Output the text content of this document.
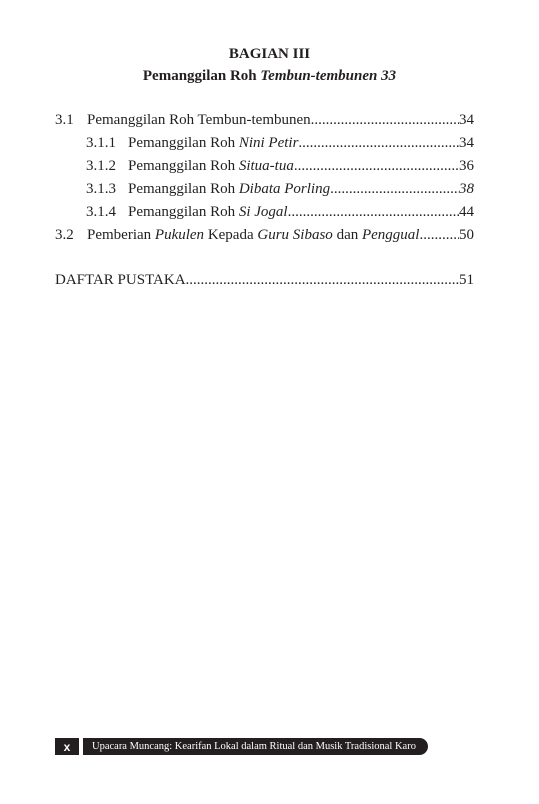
BAGIAN III
Pemanggilan Roh Tembun-tembunen 33
3.1 Pemanggilan Roh Tembun-tembunen .....	34
3.1.1 Pemanggilan Roh Nini Petir .....	34
3.1.2 Pemanggilan Roh Situa-tua .....	36
3.1.3 Pemanggilan Roh Dibata Porling .....	38
3.1.4 Pemanggilan Roh Si Jogal .....	44
3.2 Pemberian Pukulen Kepada Guru Sibaso dan Penggual .....	50
DAFTAR PUSTAKA .....	51
x	Upacara Muncang: Kearifan Lokal dalam Ritual dan Musik Tradisional Karo
